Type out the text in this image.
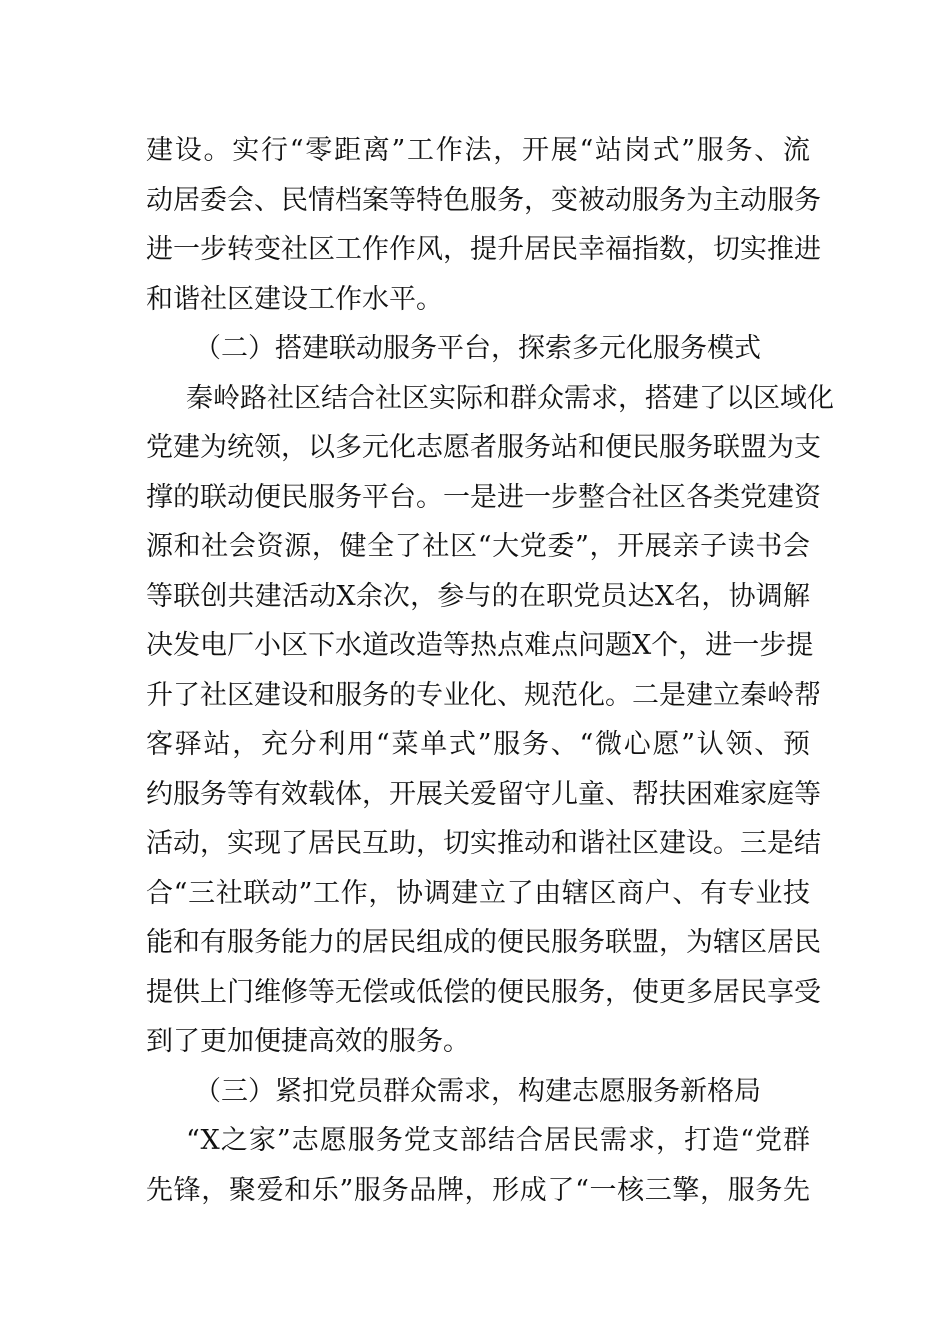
建设。实行“零距离”工作法，开展“站岗式”服务、流
动居委会、民情档案等特色服务，变被动服务为主动服务
进一步转变社区工作作风，提升居民幸福指数，切实推进
和谐社区建设工作水平。
（二）搭建联动服务平台，探索多元化服务模式
秦岭路社区结合社区实际和群众需求，搭建了以区域化
党建为统领，以多元化志愿者服务站和便民服务联盟为支
撑的联动便民服务平台。一是进一步整合社区各类党建资
源和社会资源，健全了社区“大党委”，开展亲子读书会
等联创共建活动X余次，参与的在职党员达X名，协调解
决发电厂小区下水道改造等热点难点问题X个，进一步提
升了社区建设和服务的专业化、规范化。二是建立秦岭帮
客驿站，充分利用“菜单式”服务、“微心愿”认领、预
约服务等有效载体，开展关爱留守儿童、帮扶困难家庭等
活动，实现了居民互助，切实推动和谐社区建设。三是结
合“三社联动”工作，协调建立了由辖区商户、有专业技
能和有服务能力的居民组成的便民服务联盟，为辖区居民
提供上门维修等无偿或低偿的便民服务，使更多居民享受
到了更加便捷高效的服务。
（三）紧扣党员群众需求，构建志愿服务新格局
“X之家”志愿服务党支部结合居民需求，打造“党群
先锋，聚爱和乐”服务品牌，形成了“一核三擎，服务先
